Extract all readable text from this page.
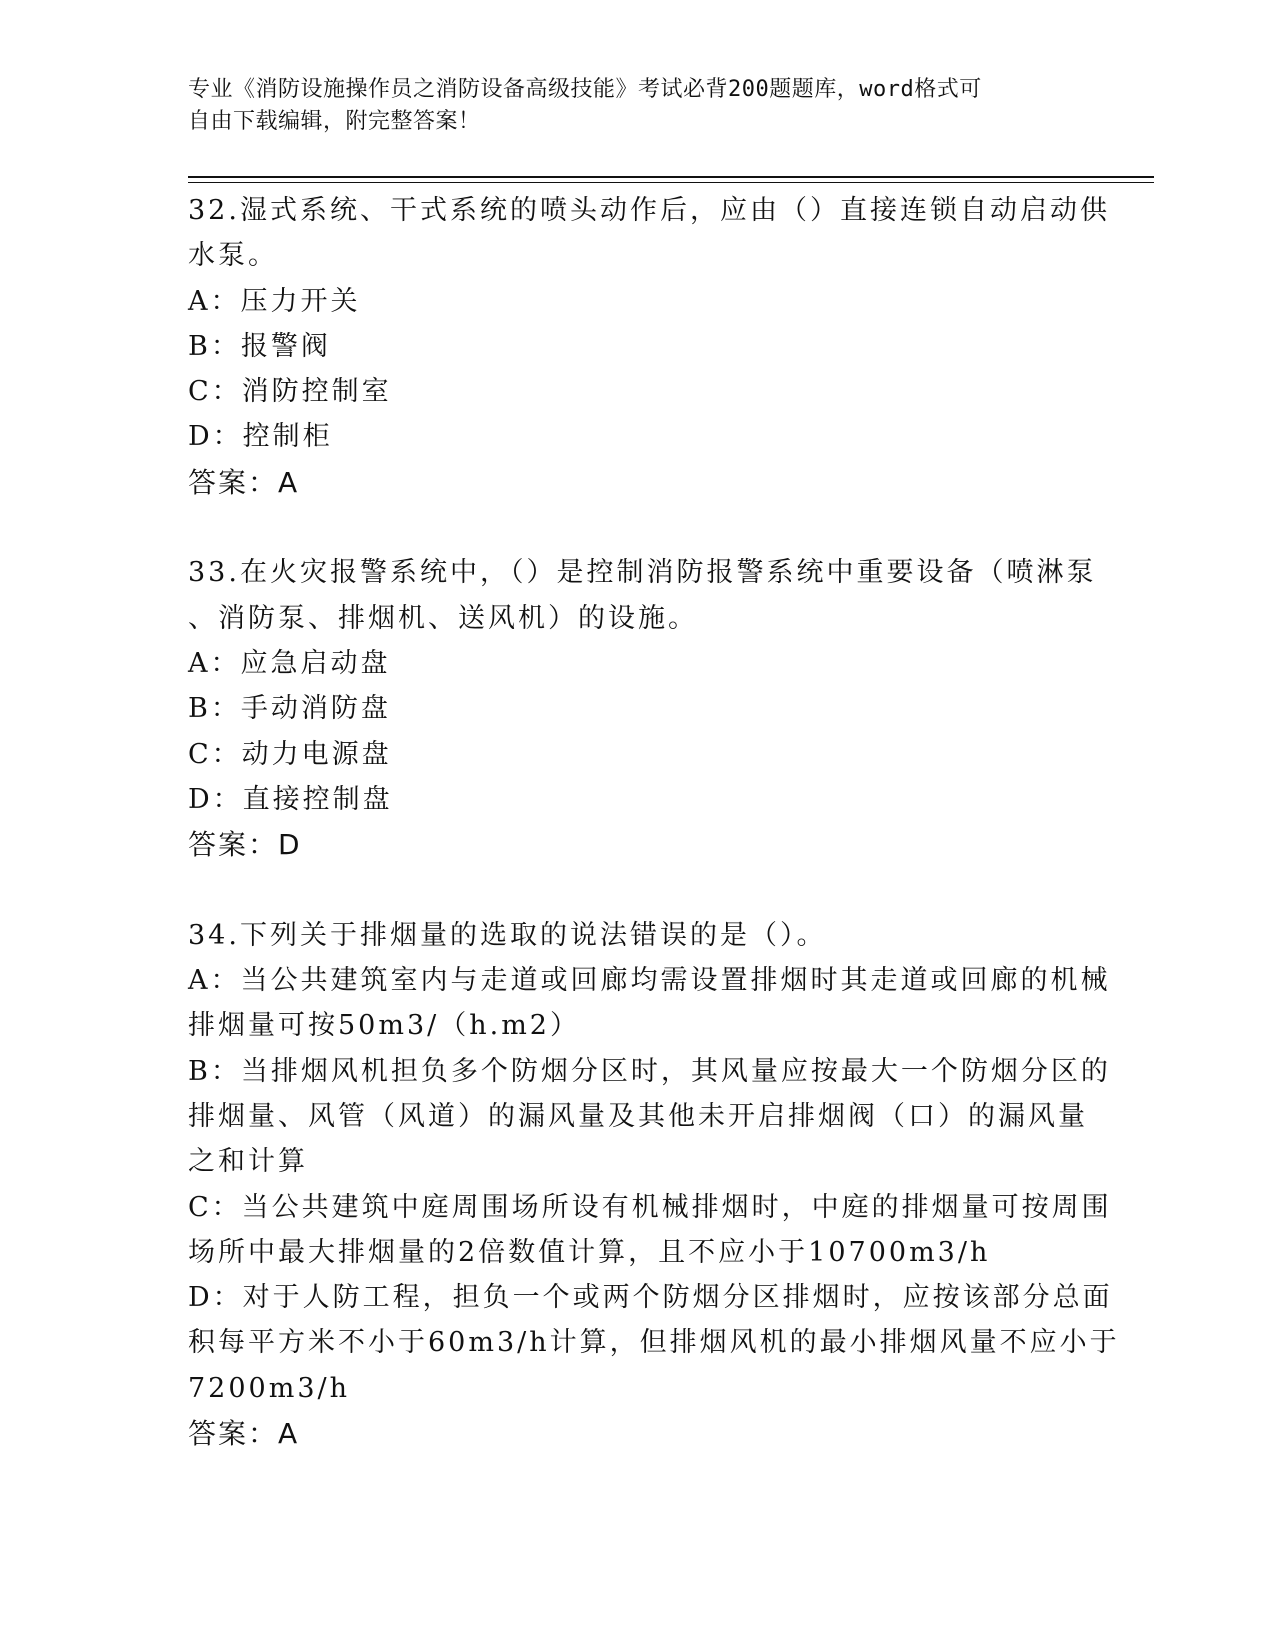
专业《消防设施操作员之消防设备高级技能》考试必背200题题库，word格式可
自由下载编辑，附完整答案！
32.湿式系统、干式系统的喷头动作后，应由（）直接连锁自动启动供
水泵。
A：压力开关
B：报警阀
C：消防控制室
D：控制柜
答案：A
33.在火灾报警系统中，（）是控制消防报警系统中重要设备（喷淋泵
、消防泵、排烟机、送风机）的设施。
A：应急启动盘
B：手动消防盘
C：动力电源盘
D：直接控制盘
答案：D
34.下列关于排烟量的选取的说法错误的是（）。
A：当公共建筑室内与走道或回廊均需设置排烟时其走道或回廊的机械
排烟量可按50m3/（h.m2）
B：当排烟风机担负多个防烟分区时，其风量应按最大一个防烟分区的
排烟量、风管（风道）的漏风量及其他未开启排烟阀（口）的漏风量
之和计算
C：当公共建筑中庭周围场所设有机械排烟时，中庭的排烟量可按周围
场所中最大排烟量的2倍数值计算，且不应小于10700m3/h
D：对于人防工程，担负一个或两个防烟分区排烟时，应按该部分总面
积每平方米不小于60m3/h计算，但排烟风机的最小排烟风量不应小于
7200m3/h
答案：A
